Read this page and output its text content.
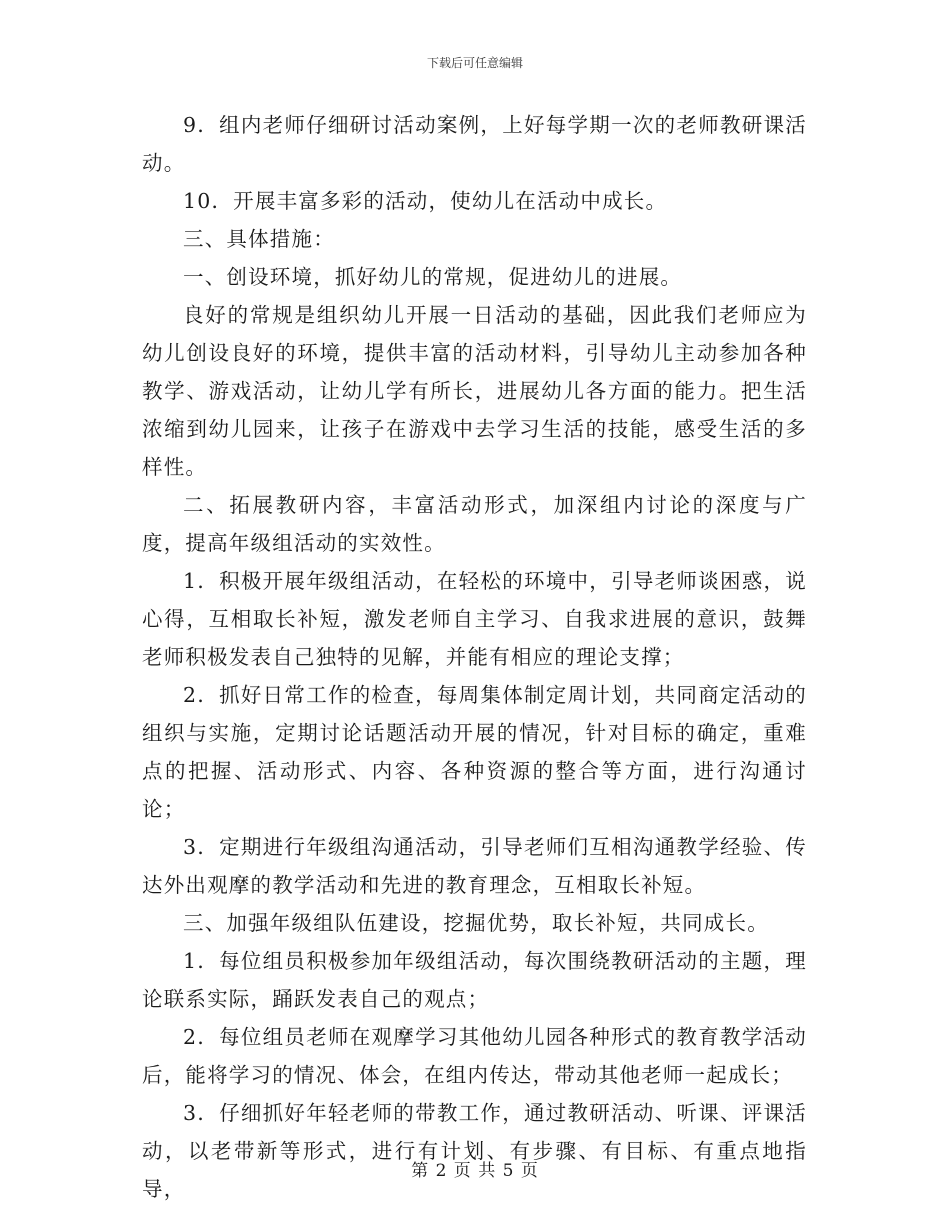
下载后可任意编辑

9．组内老师仔细研讨活动案例，上好每学期一次的老师教研课活动。

10．开展丰富多彩的活动，使幼儿在活动中成长。

三、具体措施：

一、创设环境，抓好幼儿的常规，促进幼儿的进展。

良好的常规是组织幼儿开展一日活动的基础，因此我们老师应为幼儿创设良好的环境，提供丰富的活动材料，引导幼儿主动参加各种教学、游戏活动，让幼儿学有所长，进展幼儿各方面的能力。把生活浓缩到幼儿园来，让孩子在游戏中去学习生活的技能，感受生活的多样性。

二、拓展教研内容，丰富活动形式，加深组内讨论的深度与广度，提高年级组活动的实效性。

1．积极开展年级组活动，在轻松的环境中，引导老师谈困惑，说心得，互相取长补短，激发老师自主学习、自我求进展的意识，鼓舞老师积极发表自己独特的见解，并能有相应的理论支撑；

2．抓好日常工作的检查，每周集体制定周计划，共同商定活动的组织与实施，定期讨论话题活动开展的情况，针对目标的确定，重难点的把握、活动形式、内容、各种资源的整合等方面，进行沟通讨论；

3．定期进行年级组沟通活动，引导老师们互相沟通教学经验、传达外出观摩的教学活动和先进的教育理念，互相取长补短。

三、加强年级组队伍建设，挖掘优势，取长补短，共同成长。

1．每位组员积极参加年级组活动，每次围绕教研活动的主题，理论联系实际，踊跃发表自己的观点；

2．每位组员老师在观摩学习其他幼儿园各种形式的教育教学活动后，能将学习的情况、体会，在组内传达，带动其他老师一起成长；

3．仔细抓好年轻老师的带教工作，通过教研活动、听课、评课活动，以老带新等形式，进行有计划、有步骤、有目标、有重点地指导，

第 2 页 共 5 页
